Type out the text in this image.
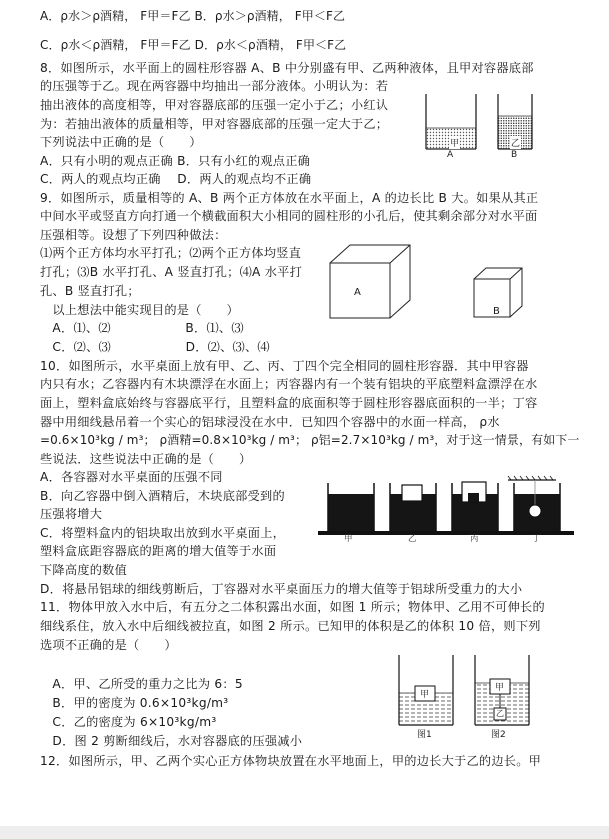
A．ρ水＞ρ酒精， F甲＝F乙 B．ρ水＞ρ酒精， F甲＜F乙
C．ρ水＜ρ酒精， F甲＝F乙 D．ρ水＜ρ酒精， F甲＜F乙
8．如图所示，水平面上的圆柱形容器 A、B 中分别盛有甲、乙两种液体，且甲对容器底部
的压强等于乙。现在两容器中均抽出一部分液体。小明认为：若
抽出液体的高度相等，甲对容器底部的压强一定小于乙；小红认
为：若抽出液体的质量相等，甲对容器底部的压强一定大于乙；
下列说法中正确的是（　　）
A．只有小明的观点正确 B．只有小红的观点正确
C．两人的观点均正确　 D．两人的观点均不正确
9．如图所示，质量相等的 A、B 两个正方体放在水平面上，A 的边长比 B 大。如果从其正
中间水平或竖直方向打通一个横截面积大小相同的圆柱形的小孔后，使其剩余部分对水平面
压强相等。设想了下列四种做法：
⑴两个正方体均水平打孔；⑵两个正方体均竖直
打孔；⑶B 水平打孔、A 竖直打孔；⑷A 水平打
孔、B 竖直打孔；
　以上想法中能实现目的是（　　）
　A．⑴、⑵　　　　　　B．⑴、⑶
　C．⑵、⑶　　　　　　D．⑵、⑶、⑷
10．如图所示，水平桌面上放有甲、乙、丙、丁四个完全相同的圆柱形容器．其中甲容器
内只有水；乙容器内有木块漂浮在水面上；丙容器内有一个装有铝块的平底塑料盒漂浮在水
面上，塑料盒底始终与容器底平行，且塑料盒的底面积等于圆柱形容器底面积的一半；丁容
器中用细线悬吊着一个实心的铝球浸没在水中．已知四个容器中的水面一样高， ρ水
=0.6×10³kg / m³； ρ酒精=0.8×10³kg / m³； ρ铝=2.7×10³kg / m³，对于这一情景，有如下一
些说法．这些说法中正确的是（　　）
A．各容器对水平桌面的压强不同
B．向乙容器中倒入酒精后，木块底部受到的
压强将增大
C．将塑料盒内的铝块取出放到水平桌面上，
塑料盒底距容器底的距离的增大值等于水面
下降高度的数值
D．将悬吊铝球的细线剪断后，丁容器对水平桌面压力的增大值等于铝球所受重力的大小
11．物体甲放入水中后，有五分之二体积露出水面，如图 1 所示；物体甲、乙用不可伸长的
细线系住，放入水中后细线被拉直，如图 2 所示。已知甲的体积是乙的体积 10 倍，则下列
选项不正确的是（　　）
　A．甲、乙所受的重力之比为 6：5
　B．甲的密度为 0.6×10³kg/m³
　C．乙的密度为 6×10³kg/m³
　D．图 2 剪断细线后，水对容器底的压强减小
12．如图所示，甲、乙两个实心正方体物块放置在水平地面上，甲的边长大于乙的边长。甲
甲	乙
A	B
A
B
甲	乙	丙	丁
甲
甲
乙
图1	图2
